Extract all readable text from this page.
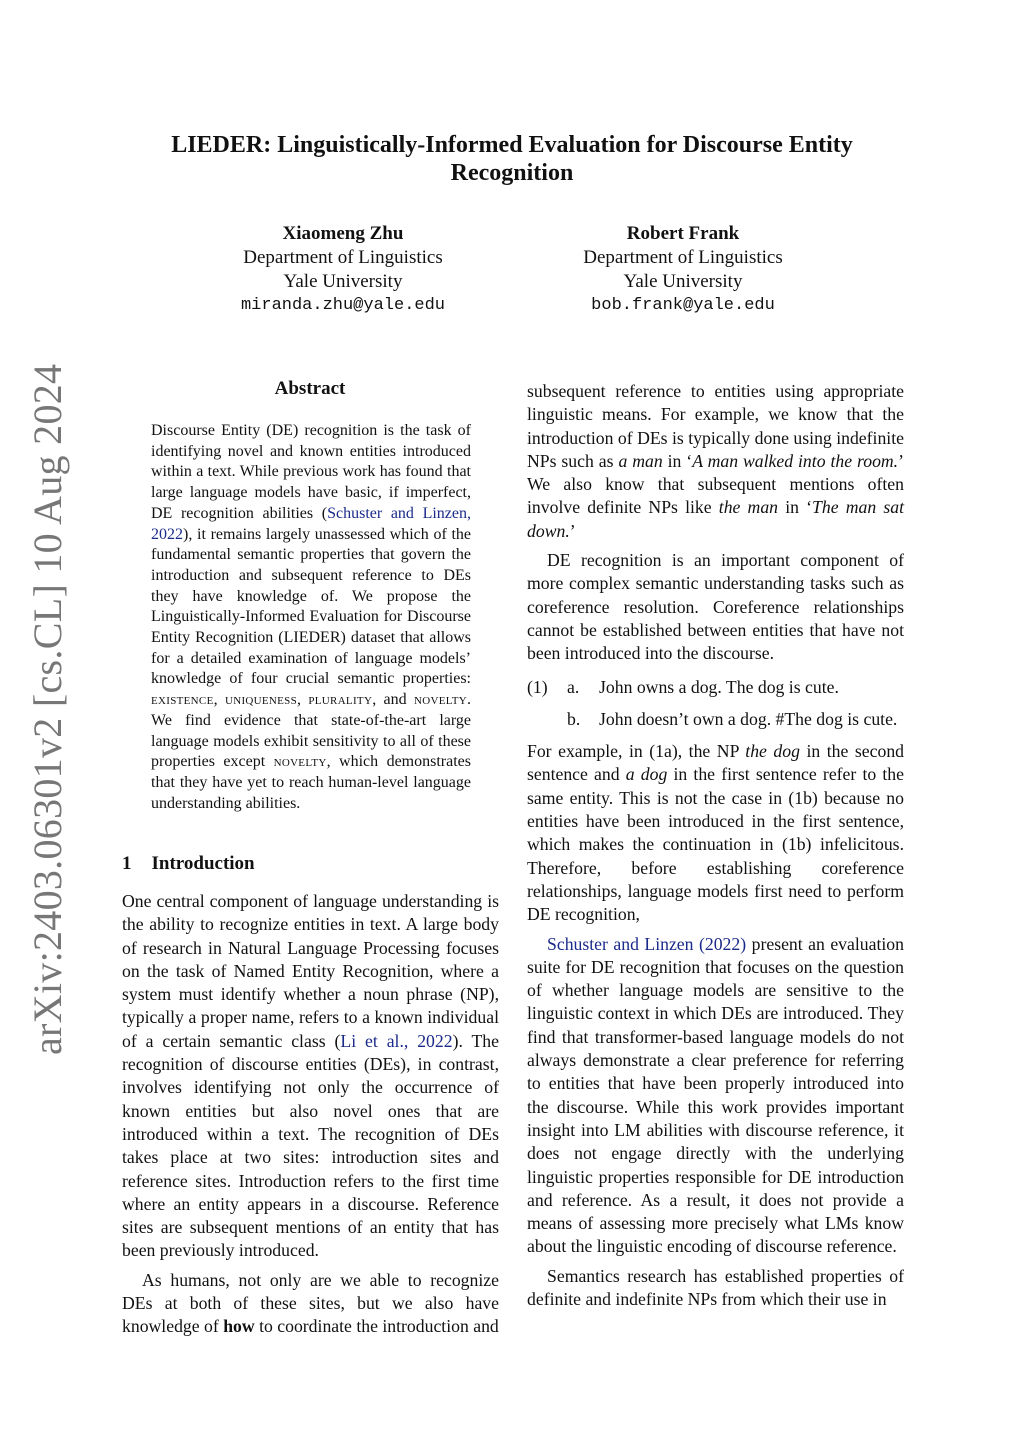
arXiv:2403.06301v2 [cs.CL] 10 Aug 2024
LIEDER: Linguistically-Informed Evaluation for Discourse Entity
Recognition
Xiaomeng Zhu
Department of Linguistics
Yale University
miranda.zhu@yale.edu
Robert Frank
Department of Linguistics
Yale University
bob.frank@yale.edu
Abstract

Discourse Entity (DE) recognition is the task of identifying novel and known entities introduced within a text. While previous work has found that large language models have basic, if imperfect, DE recognition abilities (Schuster and Linzen, 2022), it remains largely unassessed which of the fundamental semantic properties that govern the introduction and subsequent reference to DEs they have knowledge of. We propose the Linguistically-Informed Evaluation for Discourse Entity Recognition (LIEDER) dataset that allows for a detailed examination of language models’ knowledge of four crucial semantic properties: existence, uniqueness, plurality, and novelty. We find evidence that state-of-the-art large language models exhibit sensitivity to all of these properties except novelty, which demonstrates that they have yet to reach human-level language understanding abilities.

1 Introduction

One central component of language understanding is the ability to recognize entities in text. A large body of research in Natural Language Processing focuses on the task of Named Entity Recognition, where a system must identify whether a noun phrase (NP), typically a proper name, refers to a known individual of a certain semantic class (Li et al., 2022). The recognition of discourse entities (DEs), in contrast, involves identifying not only the occurrence of known entities but also novel ones that are introduced within a text. The recognition of DEs takes place at two sites: introduction sites and reference sites. Introduction refers to the first time where an entity appears in a discourse. Reference sites are subsequent mentions of an entity that has been previously introduced.

As humans, not only are we able to recognize DEs at both of these sites, but we also have knowledge of how to coordinate the introduction and

subsequent reference to entities using appropriate linguistic means. For example, we know that the introduction of DEs is typically done using indefinite NPs such as a man in ‘A man walked into the room.’ We also know that subsequent mentions often involve definite NPs like the man in ‘The man sat down.’

DE recognition is an important component of more complex semantic understanding tasks such as coreference resolution. Coreference relationships cannot be established between entities that have not been introduced into the discourse.

(1)	a.	John owns a dog. The dog is cute.
b.	John doesn’t own a dog. #The dog is cute.

For example, in (1a), the NP the dog in the second sentence and a dog in the first sentence refer to the same entity. This is not the case in (1b) because no entities have been introduced in the first sentence, which makes the continuation in (1b) infelicitous. Therefore, before establishing coreference relationships, language models first need to perform DE recognition,

Schuster and Linzen (2022) present an evaluation suite for DE recognition that focuses on the question of whether language models are sensitive to the linguistic context in which DEs are introduced. They find that transformer-based language models do not always demonstrate a clear preference for referring to entities that have been properly introduced into the discourse. While this work provides important insight into LM abilities with discourse reference, it does not engage directly with the underlying linguistic properties responsible for DE introduction and reference. As a result, it does not provide a means of assessing more precisely what LMs know about the linguistic encoding of discourse reference.

Semantics research has established properties of definite and indefinite NPs from which their use in
